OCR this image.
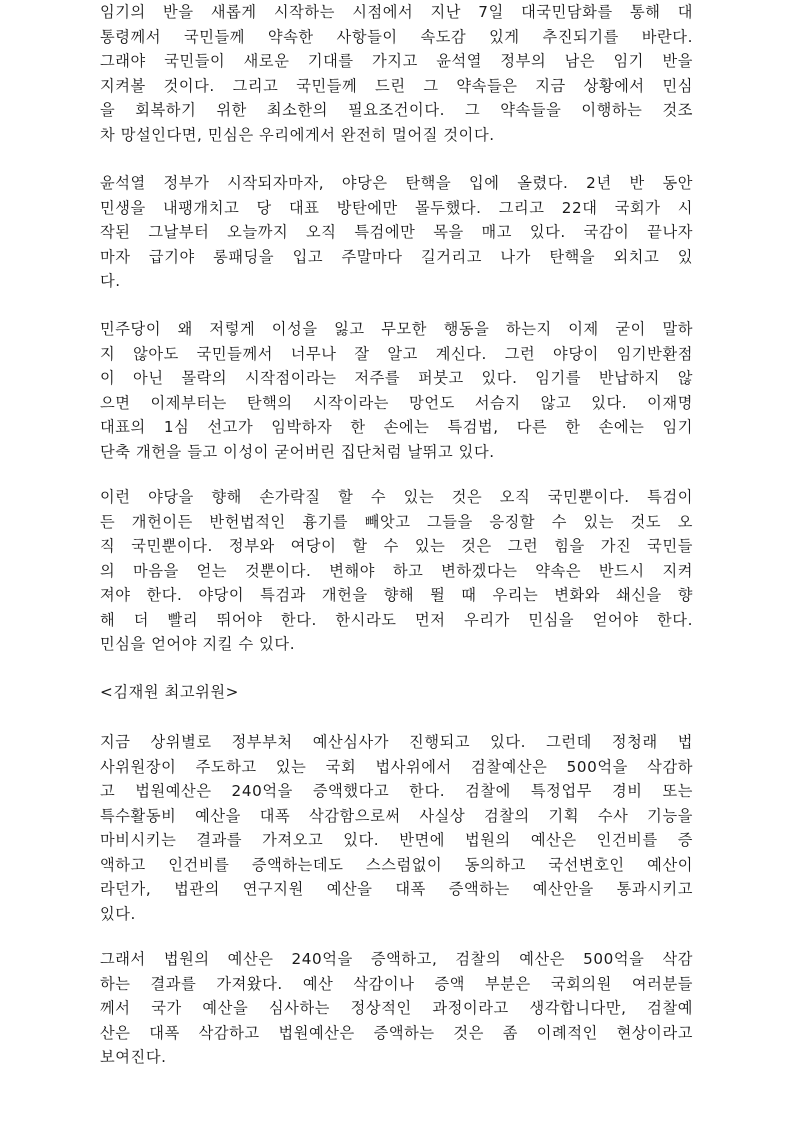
임기의 반을 새롭게 시작하는 시점에서 지난 7일 대국민담화를 통해 대
통령께서 국민들께 약속한 사항들이 속도감 있게 추진되기를 바란다.
그래야 국민들이 새로운 기대를 가지고 윤석열 정부의 남은 임기 반을
지켜볼 것이다. 그리고 국민들께 드린 그 약속들은 지금 상황에서 민심
을 회복하기 위한 최소한의 필요조건이다. 그 약속들을 이행하는 것조
차 망설인다면, 민심은 우리에게서 완전히 멀어질 것이다.
윤석열 정부가 시작되자마자, 야당은 탄핵을 입에 올렸다. 2년 반 동안
민생을 내팽개치고 당 대표 방탄에만 몰두했다. 그리고 22대 국회가 시
작된 그날부터 오늘까지 오직 특검에만 목을 매고 있다. 국감이 끝나자
마자 급기야 롱패딩을 입고 주말마다 길거리고 나가 탄핵을 외치고 있
다.
민주당이 왜 저렇게 이성을 잃고 무모한 행동을 하는지 이제 굳이 말하
지 않아도 국민들께서 너무나 잘 알고 계신다. 그런 야당이 임기반환점
이 아닌 몰락의 시작점이라는 저주를 퍼붓고 있다. 임기를 반납하지 않
으면 이제부터는 탄핵의 시작이라는 망언도 서슴지 않고 있다. 이재명
대표의 1심 선고가 임박하자 한 손에는 특검법, 다른 한 손에는 임기
단축 개헌을 들고 이성이 굳어버린 집단처럼 날뛰고 있다.
이런 야당을 향해 손가락질 할 수 있는 것은 오직 국민뿐이다. 특검이
든 개헌이든 반헌법적인 흉기를 빼앗고 그들을 응징할 수 있는 것도 오
직 국민뿐이다. 정부와 여당이 할 수 있는 것은 그런 힘을 가진 국민들
의 마음을 얻는 것뿐이다. 변해야 하고 변하겠다는 약속은 반드시 지켜
져야 한다. 야당이 특검과 개헌을 향해 뛸 때 우리는 변화와 쇄신을 향
해 더 빨리 뛰어야 한다. 한시라도 먼저 우리가 민심을 얻어야 한다.
민심을 얻어야 지킬 수 있다.
<김재원 최고위원>
지금 상위별로 정부부처 예산심사가 진행되고 있다. 그런데 정청래 법
사위원장이 주도하고 있는 국회 법사위에서 검찰예산은 500억을 삭감하
고 법원예산은 240억을 증액했다고 한다. 검찰에 특정업무 경비 또는
특수활동비 예산을 대폭 삭감함으로써 사실상 검찰의 기획 수사 기능을
마비시키는 결과를 가져오고 있다. 반면에 법원의 예산은 인건비를 증
액하고 인건비를 증액하는데도 스스럼없이 동의하고 국선변호인 예산이
라던가, 법관의 연구지원 예산을 대폭 증액하는 예산안을 통과시키고
있다.
그래서 법원의 예산은 240억을 증액하고, 검찰의 예산은 500억을 삭감
하는 결과를 가져왔다. 예산 삭감이나 증액 부분은 국회의원 여러분들
께서 국가 예산을 심사하는 정상적인 과정이라고 생각합니다만, 검찰예
산은 대폭 삭감하고 법원예산은 증액하는 것은 좀 이례적인 현상이라고
보여진다.
